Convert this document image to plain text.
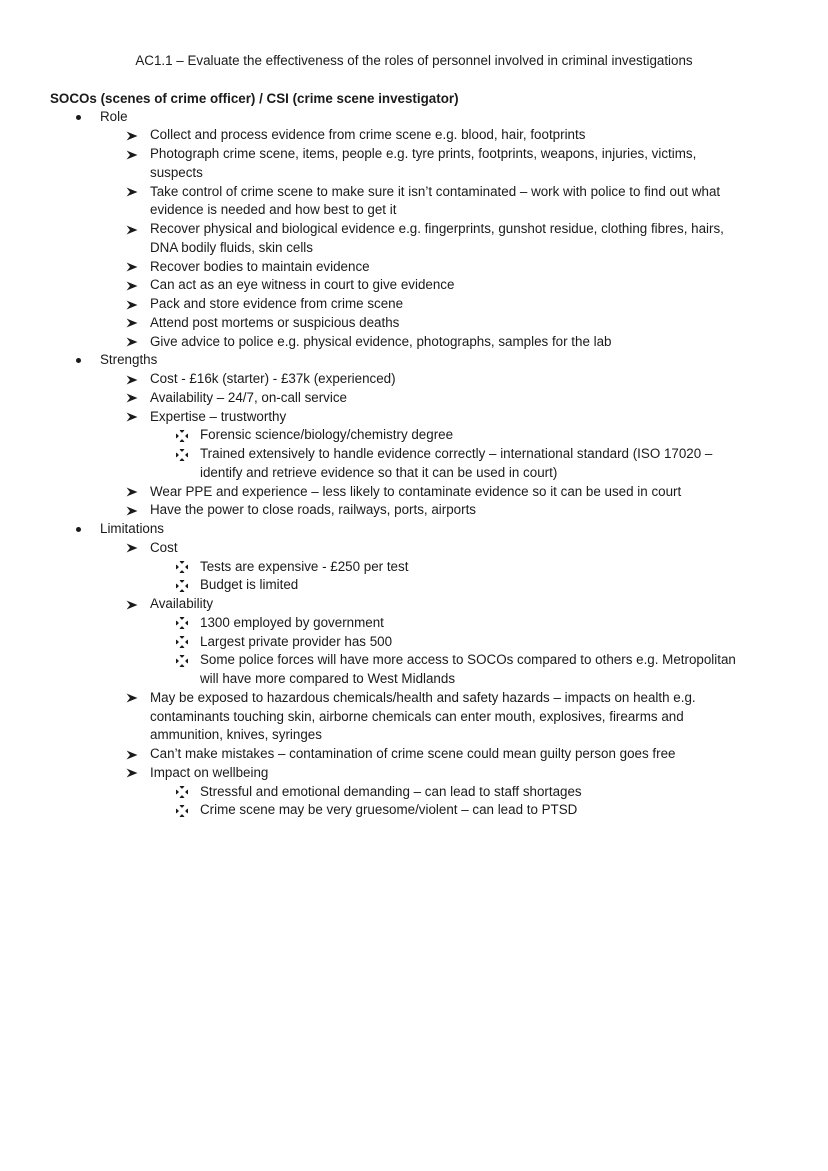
AC1.1 – Evaluate the effectiveness of the roles of personnel involved in criminal investigations
SOCOs (scenes of crime officer) / CSI (crime scene investigator)
Role
Collect and process evidence from crime scene e.g. blood, hair, footprints
Photograph crime scene, items, people e.g. tyre prints, footprints, weapons, injuries, victims,
suspects
Take control of crime scene to make sure it isn’t contaminated – work with police to find out what
evidence is needed and how best to get it
Recover physical and biological evidence e.g. fingerprints, gunshot residue, clothing fibres, hairs,
DNA bodily fluids, skin cells
Recover bodies to maintain evidence
Can act as an eye witness in court to give evidence
Pack and store evidence from crime scene
Attend post mortems or suspicious deaths
Give advice to police e.g. physical evidence, photographs, samples for the lab
Strengths
Cost - £16k (starter) - £37k (experienced)
Availability – 24/7, on-call service
Expertise – trustworthy
Forensic science/biology/chemistry degree
Trained extensively to handle evidence correctly – international standard (ISO 17020 –
identify and retrieve evidence so that it can be used in court)
Wear PPE and experience – less likely to contaminate evidence so it can be used in court
Have the power to close roads, railways, ports, airports
Limitations
Cost
Tests are expensive - £250 per test
Budget is limited
Availability
1300 employed by government
Largest private provider has 500
Some police forces will have more access to SOCOs compared to others e.g. Metropolitan
will have more compared to West Midlands
May be exposed to hazardous chemicals/health and safety hazards – impacts on health e.g.
contaminants touching skin, airborne chemicals can enter mouth, explosives, firearms and
ammunition, knives, syringes
Can’t make mistakes – contamination of crime scene could mean guilty person goes free
Impact on wellbeing
Stressful and emotional demanding – can lead to staff shortages
Crime scene may be very gruesome/violent – can lead to PTSD
